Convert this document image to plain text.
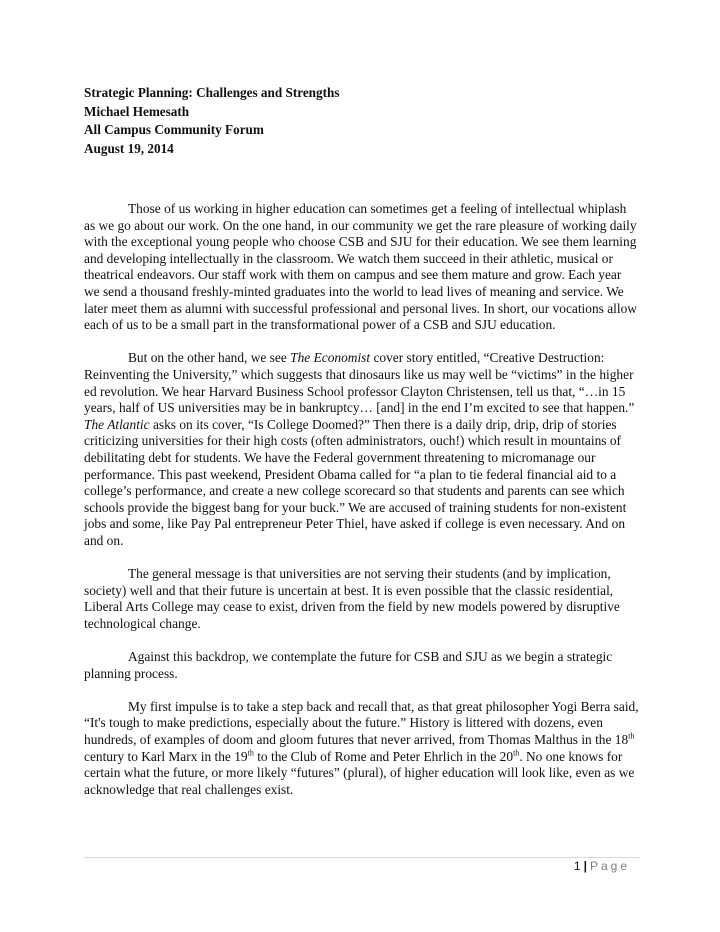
Strategic Planning: Challenges and Strengths
Michael Hemesath
All Campus Community Forum
August 19, 2014

Those of us working in higher education can sometimes get a feeling of intellectual whiplash as we go about our work. On the one hand, in our community we get the rare pleasure of working daily with the exceptional young people who choose CSB and SJU for their education. We see them learning and developing intellectually in the classroom. We watch them succeed in their athletic, musical or theatrical endeavors. Our staff work with them on campus and see them mature and grow. Each year we send a thousand freshly-minted graduates into the world to lead lives of meaning and service. We later meet them as alumni with successful professional and personal lives. In short, our vocations allow each of us to be a small part in the transformational power of a CSB and SJU education.

But on the other hand, we see The Economist cover story entitled, “Creative Destruction: Reinventing the University,” which suggests that dinosaurs like us may well be “victims” in the higher ed revolution. We hear Harvard Business School professor Clayton Christensen, tell us that, “…in 15 years, half of US universities may be in bankruptcy… [and] in the end I’m excited to see that happen.” The Atlantic asks on its cover, “Is College Doomed?” Then there is a daily drip, drip, drip of stories criticizing universities for their high costs (often administrators, ouch!) which result in mountains of debilitating debt for students. We have the Federal government threatening to micromanage our performance. This past weekend, President Obama called for “a plan to tie federal financial aid to a college’s performance, and create a new college scorecard so that students and parents can see which schools provide the biggest bang for your buck.” We are accused of training students for non-existent jobs and some, like Pay Pal entrepreneur Peter Thiel, have asked if college is even necessary. And on and on.

The general message is that universities are not serving their students (and by implication, society) well and that their future is uncertain at best. It is even possible that the classic residential, Liberal Arts College may cease to exist, driven from the field by new models powered by disruptive technological change.

Against this backdrop, we contemplate the future for CSB and SJU as we begin a strategic planning process.

My first impulse is to take a step back and recall that, as that great philosopher Yogi Berra said, “It's tough to make predictions, especially about the future.” History is littered with dozens, even hundreds, of examples of doom and gloom futures that never arrived, from Thomas Malthus in the 18th century to Karl Marx in the 19th to the Club of Rome and Peter Ehrlich in the 20th. No one knows for certain what the future, or more likely “futures” (plural), of higher education will look like, even as we acknowledge that real challenges exist.

1 | Page
